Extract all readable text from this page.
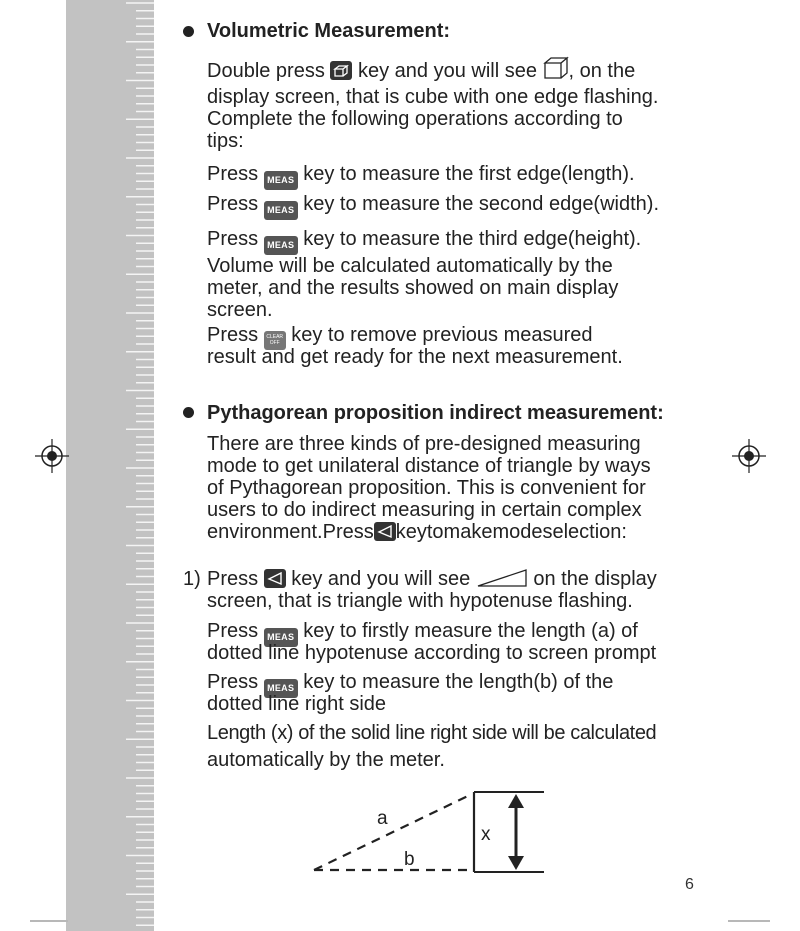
Volumetric Measurement:
Double press key and you will see , on the
display screen, that is cube with one edge flashing.
Complete the following operations according to
tips:
Press MEAS key to measure the first edge(length).
Press MEAS key to measure the second edge(width).
Press MEAS key to measure the third edge(height).
Volume will be calculated automatically by the
meter, and the results showed on main display
screen.
Press CLEAR
OFF key to remove previous measured
result and get ready for the next measurement.
Pythagorean proposition indirect measurement:
There are three kinds of pre-designed measuring
mode to get unilateral distance of triangle by ways
of Pythagorean proposition. This is convenient for
users to do indirect measuring in certain complex
environment.Press keytomakemodeselection:
1) Press key and you will see	on the display
screen, that is triangle with hypotenuse flashing.
Press MEAS key to firstly measure the length (a) of
dotted line hypotenuse according to screen prompt
Press MEAS key to measure the length(b) of the
dotted line right side
Length (x) of the solid line right side will be calculated
automatically by the meter.
a
b
x
6
